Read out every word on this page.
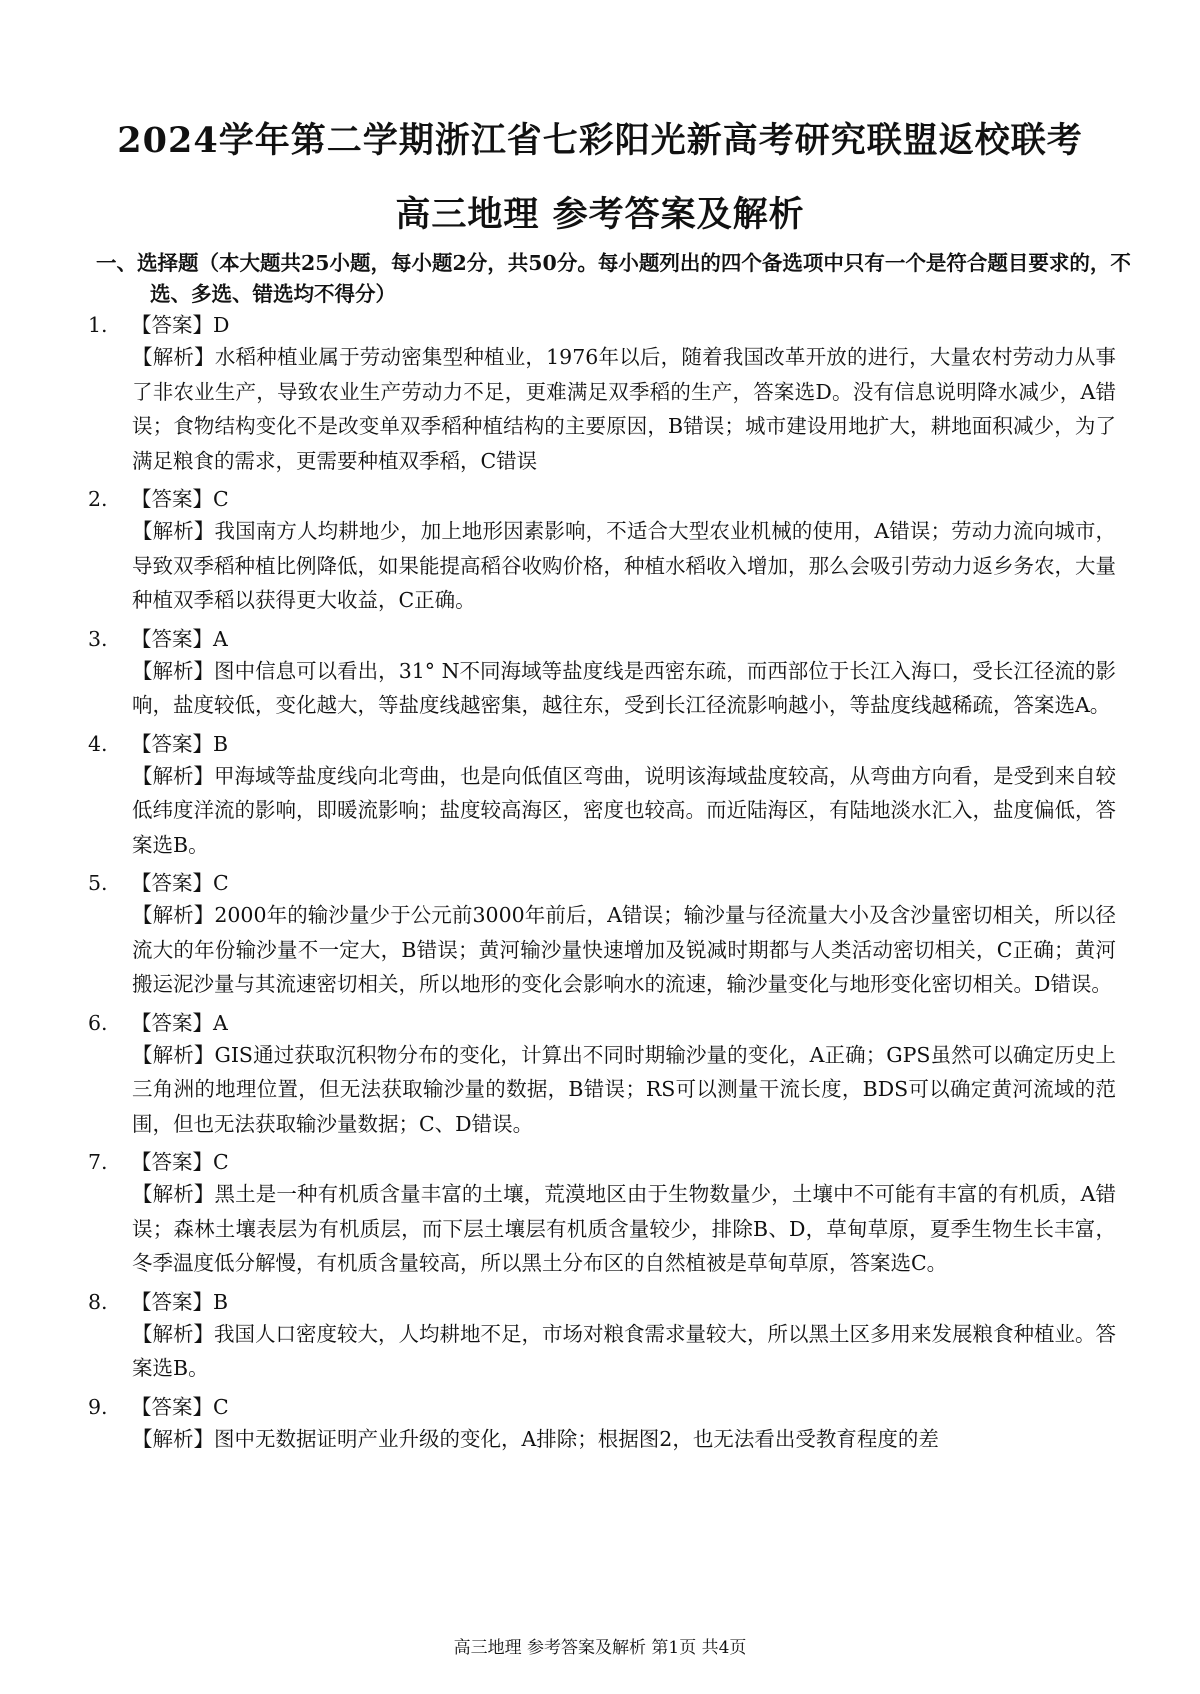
2024学年第二学期浙江省七彩阳光新高考研究联盟返校联考
高三地理 参考答案及解析

一、选择题（本大题共25小题，每小题2分，共50分。每小题列出的四个备选项中只有一个是符合题目要求的，不选、多选、错选均不得分）

1. 【答案】D

【解析】水稻种植业属于劳动密集型种植业，1976年以后，随着我国改革开放的进行，大量农村劳动力从事了非农业生产，导致农业生产劳动力不足，更难满足双季稻的生产，答案选D。没有信息说明降水减少，A错误；食物结构变化不是改变单双季稻种植结构的主要原因，B错误；城市建设用地扩大，耕地面积减少，为了满足粮食的需求，更需要种植双季稻，C错误

2. 【答案】C

【解析】我国南方人均耕地少，加上地形因素影响，不适合大型农业机械的使用，A错误；劳动力流向城市，导致双季稻种植比例降低，如果能提高稻谷收购价格，种植水稻收入增加，那么会吸引劳动力返乡务农，大量种植双季稻以获得更大收益，C正确。

3. 【答案】A

【解析】图中信息可以看出，31° N不同海域等盐度线是西密东疏，而西部位于长江入海口，受长江径流的影响，盐度较低，变化越大，等盐度线越密集，越往东，受到长江径流影响越小，等盐度线越稀疏，答案选A。

4. 【答案】B

【解析】甲海域等盐度线向北弯曲，也是向低值区弯曲，说明该海域盐度较高，从弯曲方向看，是受到来自较低纬度洋流的影响，即暖流影响；盐度较高海区，密度也较高。而近陆海区，有陆地淡水汇入，盐度偏低，答案选B。

5. 【答案】C

【解析】2000年的输沙量少于公元前3000年前后，A错误；输沙量与径流量大小及含沙量密切相关，所以径流大的年份输沙量不一定大，B错误；黄河输沙量快速增加及锐减时期都与人类活动密切相关，C正确；黄河搬运泥沙量与其流速密切相关，所以地形的变化会影响水的流速，输沙量变化与地形变化密切相关。D错误。

6. 【答案】A

【解析】GIS通过获取沉积物分布的变化，计算出不同时期输沙量的变化，A正确；GPS虽然可以确定历史上三角洲的地理位置，但无法获取输沙量的数据，B错误；RS可以测量干流长度，BDS可以确定黄河流域的范围，但也无法获取输沙量数据；C、D错误。

7. 【答案】C

【解析】黑土是一种有机质含量丰富的土壤，荒漠地区由于生物数量少，土壤中不可能有丰富的有机质，A错误；森林土壤表层为有机质层，而下层土壤层有机质含量较少，排除B、D，草甸草原，夏季生物生长丰富，冬季温度低分解慢，有机质含量较高，所以黑土分布区的自然植被是草甸草原，答案选C。

8. 【答案】B

【解析】我国人口密度较大，人均耕地不足，市场对粮食需求量较大，所以黑土区多用来发展粮食种植业。答案选B。

9. 【答案】C

【解析】图中无数据证明产业升级的变化，A排除；根据图2，也无法看出受教育程度的差

高三地理 参考答案及解析 第1页 共4页
